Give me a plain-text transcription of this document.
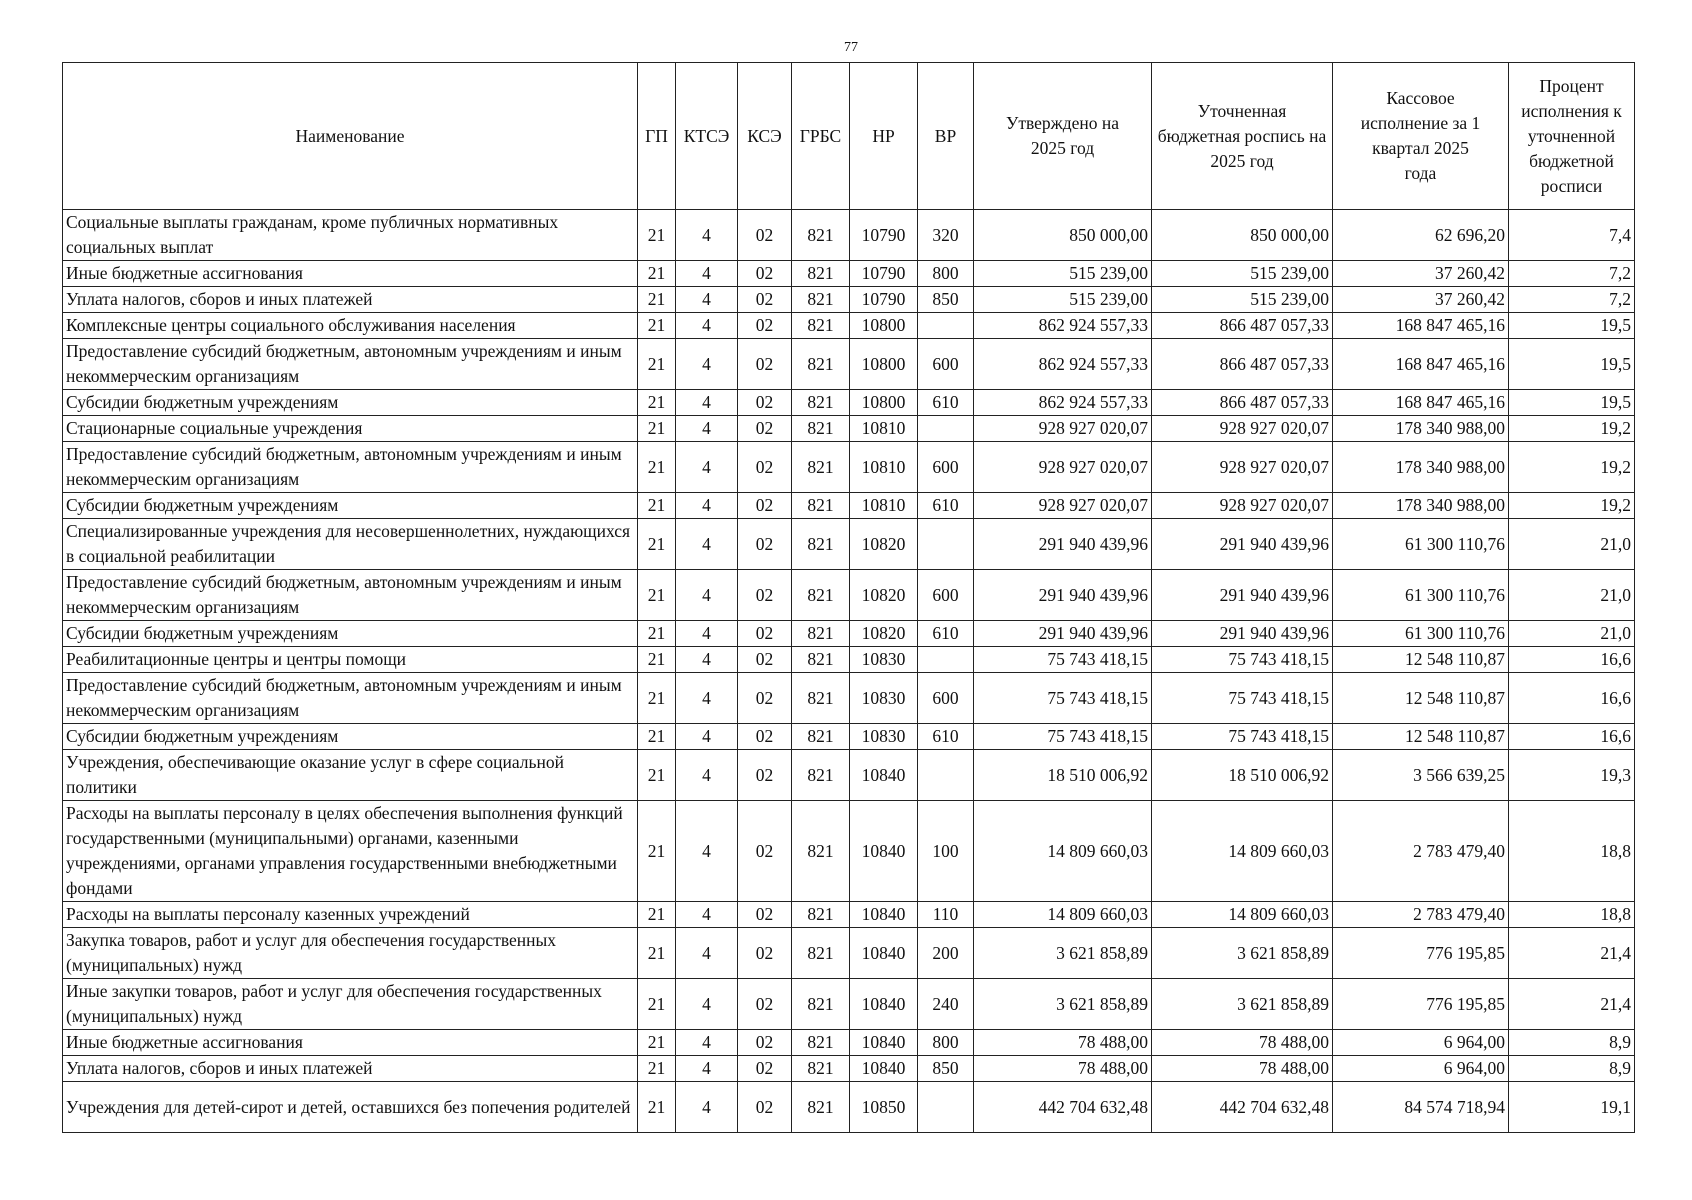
77
Наименование	ГП	КТСЭ	КСЭ	ГРБС	НР	ВР	Утверждено на 2025 год	Уточненная бюджетная роспись на 2025 год	Кассовое исполнение за 1 квартал 2025 года	Процент исполнения к уточненной бюджетной росписи
Социальные выплаты гражданам, кроме публичных нормативных социальных выплат	21	4	02	821	10790	320	850 000,00	850 000,00	62 696,20	7,4
Иные бюджетные ассигнования	21	4	02	821	10790	800	515 239,00	515 239,00	37 260,42	7,2
Уплата налогов, сборов и иных платежей	21	4	02	821	10790	850	515 239,00	515 239,00	37 260,42	7,2
Комплексные центры социального обслуживания населения	21	4	02	821	10800		862 924 557,33	866 487 057,33	168 847 465,16	19,5
Предоставление субсидий бюджетным, автономным учреждениям и иным некоммерческим организациям	21	4	02	821	10800	600	862 924 557,33	866 487 057,33	168 847 465,16	19,5
Субсидии бюджетным учреждениям	21	4	02	821	10800	610	862 924 557,33	866 487 057,33	168 847 465,16	19,5
Стационарные социальные учреждения	21	4	02	821	10810		928 927 020,07	928 927 020,07	178 340 988,00	19,2
Предоставление субсидий бюджетным, автономным учреждениям и иным некоммерческим организациям	21	4	02	821	10810	600	928 927 020,07	928 927 020,07	178 340 988,00	19,2
Субсидии бюджетным учреждениям	21	4	02	821	10810	610	928 927 020,07	928 927 020,07	178 340 988,00	19,2
Специализированные учреждения для несовершеннолетних, нуждающихся в социальной реабилитации	21	4	02	821	10820		291 940 439,96	291 940 439,96	61 300 110,76	21,0
Предоставление субсидий бюджетным, автономным учреждениям и иным некоммерческим организациям	21	4	02	821	10820	600	291 940 439,96	291 940 439,96	61 300 110,76	21,0
Субсидии бюджетным учреждениям	21	4	02	821	10820	610	291 940 439,96	291 940 439,96	61 300 110,76	21,0
Реабилитационные центры и центры помощи	21	4	02	821	10830		75 743 418,15	75 743 418,15	12 548 110,87	16,6
Предоставление субсидий бюджетным, автономным учреждениям и иным некоммерческим организациям	21	4	02	821	10830	600	75 743 418,15	75 743 418,15	12 548 110,87	16,6
Субсидии бюджетным учреждениям	21	4	02	821	10830	610	75 743 418,15	75 743 418,15	12 548 110,87	16,6
Учреждения, обеспечивающие оказание услуг в сфере социальной политики	21	4	02	821	10840		18 510 006,92	18 510 006,92	3 566 639,25	19,3
Расходы на выплаты персоналу в целях обеспечения выполнения функций государственными (муниципальными) органами, казенными учреждениями, органами управления государственными внебюджетными фондами	21	4	02	821	10840	100	14 809 660,03	14 809 660,03	2 783 479,40	18,8
Расходы на выплаты персоналу казенных учреждений	21	4	02	821	10840	110	14 809 660,03	14 809 660,03	2 783 479,40	18,8
Закупка товаров, работ и услуг для обеспечения государственных (муниципальных) нужд	21	4	02	821	10840	200	3 621 858,89	3 621 858,89	776 195,85	21,4
Иные закупки товаров, работ и услуг для обеспечения государственных (муниципальных) нужд	21	4	02	821	10840	240	3 621 858,89	3 621 858,89	776 195,85	21,4
Иные бюджетные ассигнования	21	4	02	821	10840	800	78 488,00	78 488,00	6 964,00	8,9
Уплата налогов, сборов и иных платежей	21	4	02	821	10840	850	78 488,00	78 488,00	6 964,00	8,9
Учреждения для детей-сирот и детей, оставшихся без попечения родителей	21	4	02	821	10850		442 704 632,48	442 704 632,48	84 574 718,94	19,1
